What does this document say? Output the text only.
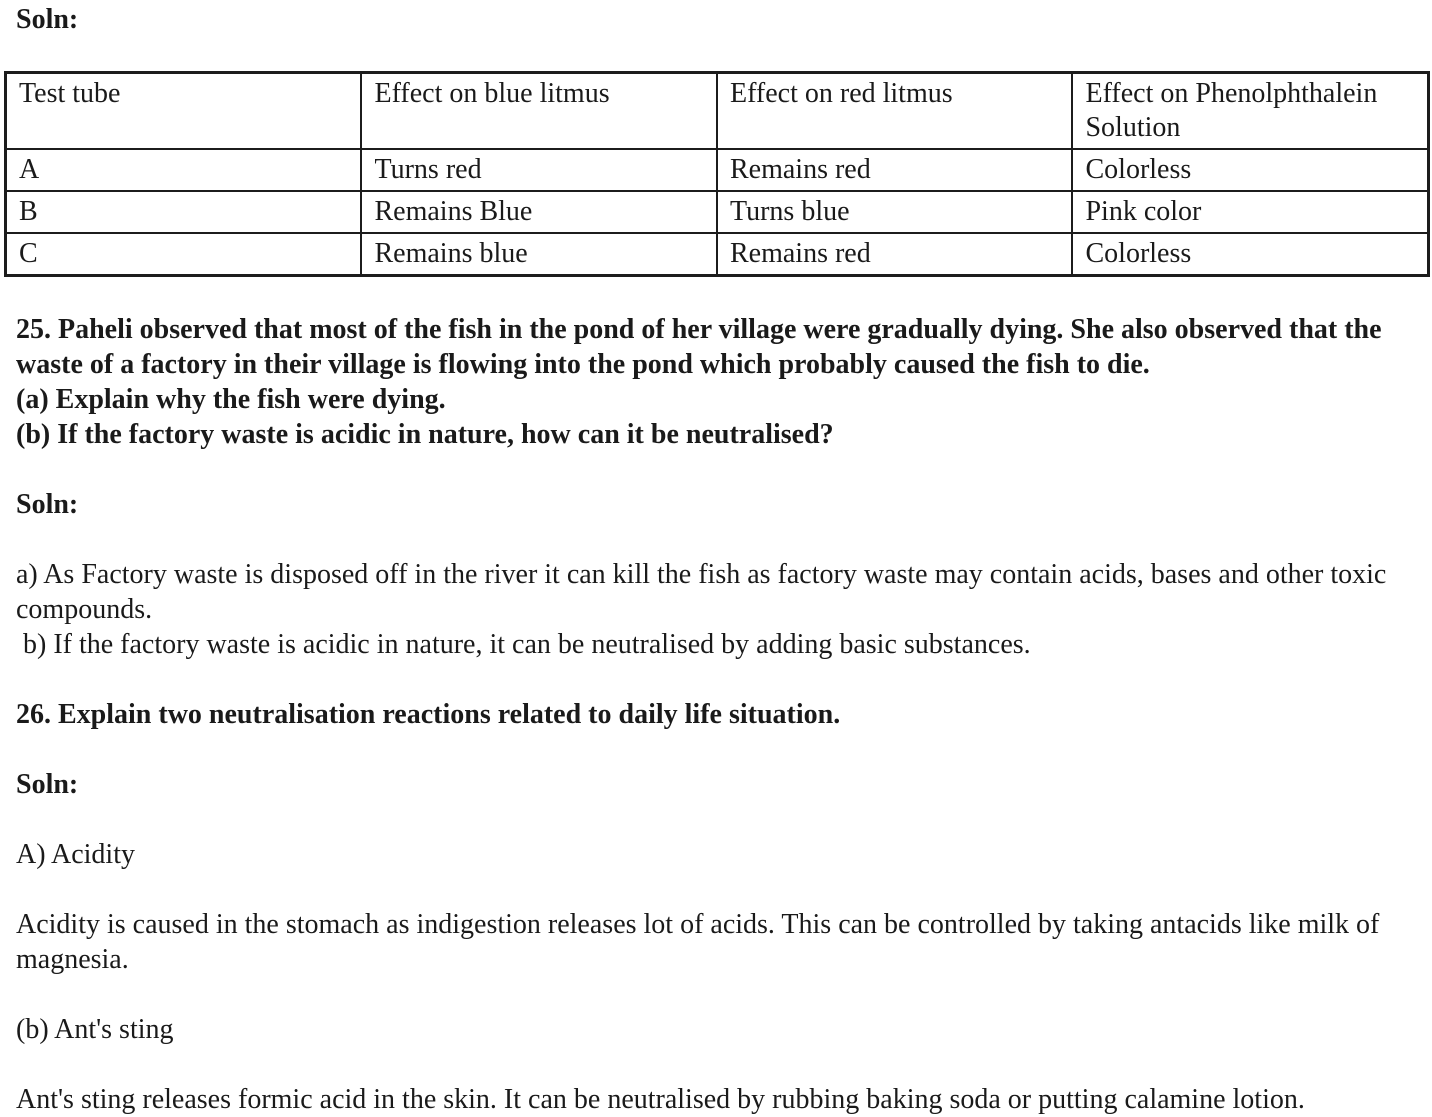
Soln:

Test tube	Effect on blue litmus	Effect on red litmus	Effect on Phenolphthalein Solution
A	Turns red	Remains red	Colorless
B	Remains Blue	Turns blue	Pink color
C	Remains blue	Remains red	Colorless

25. Paheli observed that most of the fish in the pond of her village were gradually dying. She also observed that the waste of a factory in their village is flowing into the pond which probably caused the fish to die.

(a) Explain why the fish were dying.

(b) If the factory waste is acidic in nature, how can it be neutralised?

Soln:

a) As Factory waste is disposed off in the river it can kill the fish as factory waste may contain acids, bases and other toxic compounds.

b) If the factory waste is acidic in nature, it can be neutralised by adding basic substances.

26. Explain two neutralisation reactions related to daily life situation.

Soln:

A) Acidity

Acidity is caused in the stomach as indigestion releases lot of acids. This can be controlled by taking antacids like milk of magnesia.

(b) Ant's sting

Ant's sting releases formic acid in the skin. It can be neutralised by rubbing baking soda or putting calamine lotion.
